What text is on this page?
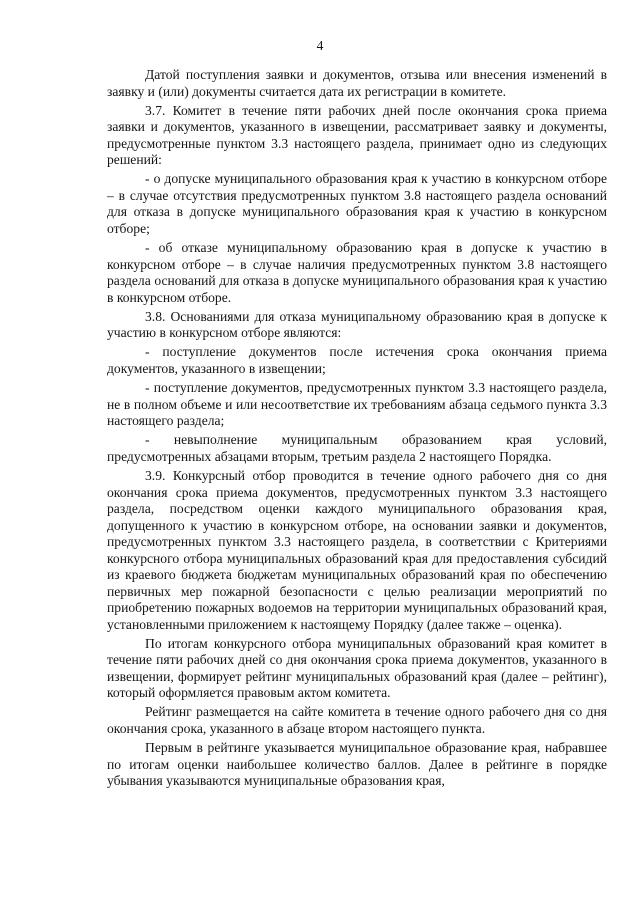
4

Датой поступления заявки и документов, отзыва или внесения изменений в заявку и (или) документы считается дата их регистрации в комитете.

3.7. Комитет в течение пяти рабочих дней после окончания срока приема заявки и документов, указанного в извещении, рассматривает заявку и документы, предусмотренные пунктом 3.3 настоящего раздела, принимает одно из следующих решений:

- о допуске муниципального образования края к участию в конкурсном отборе – в случае отсутствия предусмотренных пунктом 3.8 настоящего раздела оснований для отказа в допуске муниципального образования края к участию в конкурсном отборе;

- об отказе муниципальному образованию края в допуске к участию в конкурсном отборе – в случае наличия предусмотренных пунктом 3.8 настоящего раздела оснований для отказа в допуске муниципального образования края к участию в конкурсном отборе.

3.8. Основаниями для отказа муниципальному образованию края в допуске к участию в конкурсном отборе являются:

- поступление документов после истечения срока окончания приема документов, указанного в извещении;

- поступление документов, предусмотренных пунктом 3.3 настоящего раздела, не в полном объеме и или несоответствие их требованиям абзаца седьмого пункта 3.3 настоящего раздела;

- невыполнение муниципальным образованием края условий, предусмотренных абзацами вторым, третьим раздела 2 настоящего Порядка.

3.9. Конкурсный отбор проводится в течение одного рабочего дня со дня окончания срока приема документов, предусмотренных пунктом 3.3 настоящего раздела, посредством оценки каждого муниципального образования края, допущенного к участию в конкурсном отборе, на основании заявки и документов, предусмотренных пунктом 3.3 настоящего раздела, в соответствии с Критериями конкурсного отбора муниципальных образований края для предоставления субсидий из краевого бюджета бюджетам муниципальных образований края по обеспечению первичных мер пожарной безопасности с целью реализации мероприятий по приобретению пожарных водоемов на территории муниципальных образований края, установленными приложением к настоящему Порядку (далее также – оценка).

По итогам конкурсного отбора муниципальных образований края комитет в течение пяти рабочих дней со дня окончания срока приема документов, указанного в извещении, формирует рейтинг муниципальных образований края (далее – рейтинг), который оформляется правовым актом комитета.

Рейтинг размещается на сайте комитета в течение одного рабочего дня со дня окончания срока, указанного в абзаце втором настоящего пункта.

Первым в рейтинге указывается муниципальное образование края, набравшее по итогам оценки наибольшее количество баллов. Далее в рейтинге в порядке убывания указываются муниципальные образования края,
